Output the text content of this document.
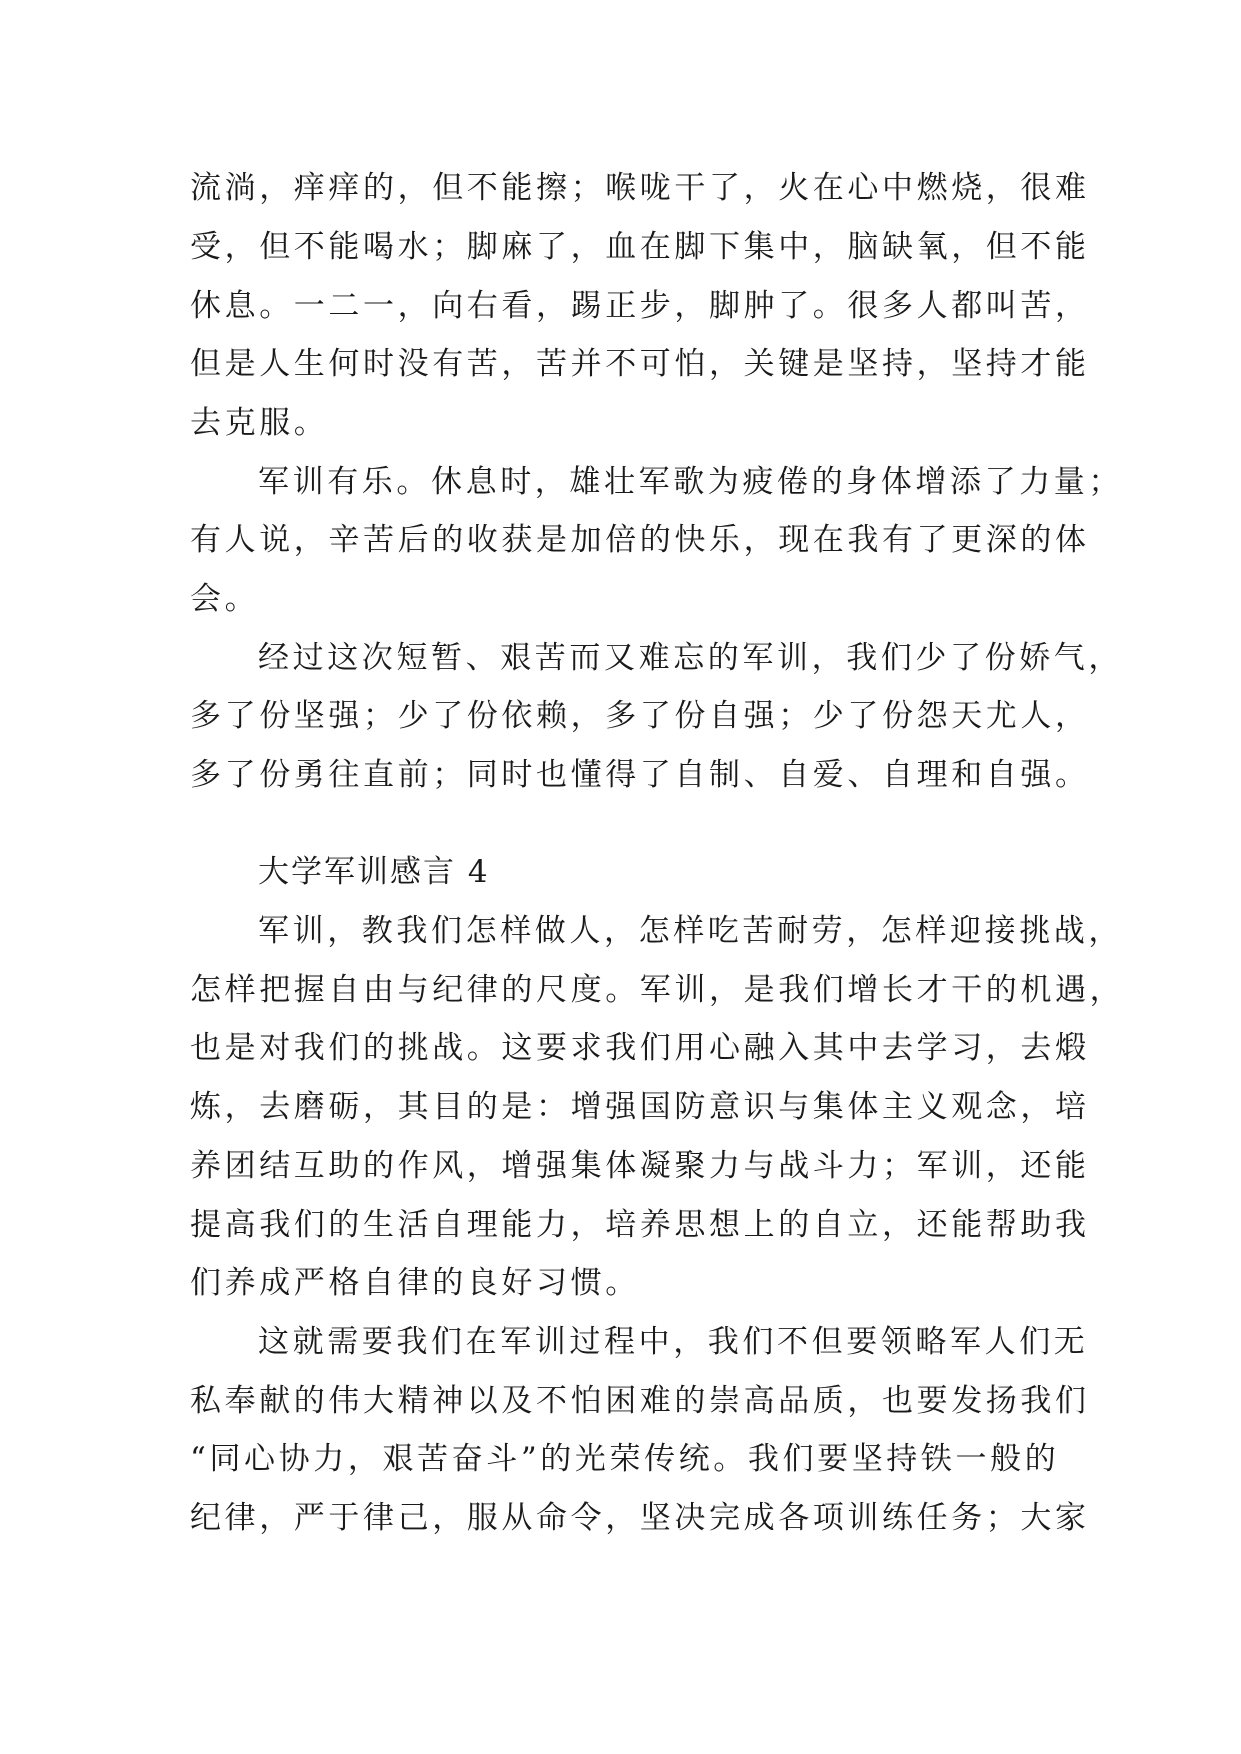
流淌，痒痒的，但不能擦；喉咙干了，火在心中燃烧，很难
受，但不能喝水；脚麻了，血在脚下集中，脑缺氧，但不能
休息。一二一，向右看，踢正步，脚肿了。很多人都叫苦，
但是人生何时没有苦，苦并不可怕，关键是坚持，坚持才能
去克服。
军训有乐。休息时，雄壮军歌为疲倦的身体增添了力量；
有人说，辛苦后的收获是加倍的快乐，现在我有了更深的体
会。
经过这次短暂、艰苦而又难忘的军训，我们少了份娇气，
多了份坚强；少了份依赖，多了份自强；少了份怨天尤人，
多了份勇往直前；同时也懂得了自制、自爱、自理和自强。
大学军训感言 4
军训，教我们怎样做人，怎样吃苦耐劳，怎样迎接挑战，
怎样把握自由与纪律的尺度。军训，是我们增长才干的机遇，
也是对我们的挑战。这要求我们用心融入其中去学习，去煅
炼，去磨砺，其目的是：增强国防意识与集体主义观念，培
养团结互助的作风，增强集体凝聚力与战斗力；军训，还能
提高我们的生活自理能力，培养思想上的自立，还能帮助我
们养成严格自律的良好习惯。
这就需要我们在军训过程中，我们不但要领略军人们无
私奉献的伟大精神以及不怕困难的崇高品质，也要发扬我们
“同心协力，艰苦奋斗”的光荣传统。我们要坚持铁一般的
纪律，严于律己，服从命令，坚决完成各项训练任务；大家
